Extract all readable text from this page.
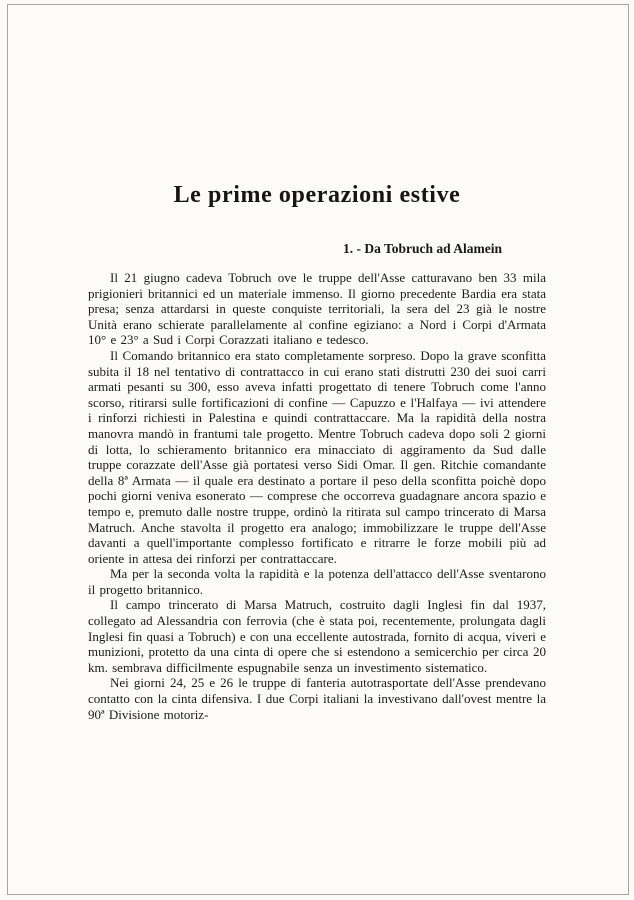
Le prime operazioni estive
1. - Da Tobruch ad Alamein

Il 21 giugno cadeva Tobruch ove le truppe dell'Asse catturavano ben 33 mila prigionieri britannici ed un materiale immenso. Il giorno precedente Bardia era stata presa; senza attardarsi in queste conquiste territoriali, la sera del 23 già le nostre Unità erano schierate parallelamente al confine egiziano: a Nord i Corpi d'Armata 10° e 23° a Sud i Corpi Corazzati italiano e tedesco.

Il Comando britannico era stato completamente sorpreso. Dopo la grave sconfitta subita il 18 nel tentativo di contrattacco in cui erano stati distrutti 230 dei suoi carri armati pesanti su 300, esso aveva infatti progettato di tenere Tobruch come l'anno scorso, ritirarsi sulle fortificazioni di confine — Capuzzo e l'Halfaya — ivi attendere i rinforzi richiesti in Palestina e quindi contrattaccare. Ma la rapidità della nostra manovra mandò in frantumi tale progetto. Mentre Tobruch cadeva dopo soli 2 giorni di lotta, lo schieramento britannico era minacciato di aggiramento da Sud dalle truppe corazzate dell'Asse già portatesi verso Sidi Omar. Il gen. Ritchie comandante della 8ª Armata — il quale era destinato a portare il peso della sconfitta poichè dopo pochi giorni veniva esonerato — comprese che occorreva guadagnare ancora spazio e tempo e, premuto dalle nostre truppe, ordinò la ritirata sul campo trincerato di Marsa Matruch. Anche stavolta il progetto era analogo; immobilizzare le truppe dell'Asse davanti a quell'importante complesso fortificato e ritrarre le forze mobili più ad oriente in attesa dei rinforzi per contrattaccare.

Ma per la seconda volta la rapidità e la potenza dell'attacco dell'Asse sventarono il progetto britannico.

Il campo trincerato di Marsa Matruch, costruito dagli Inglesi fin dal 1937, collegato ad Alessandria con ferrovia (che è stata poi, recentemente, prolungata dagli Inglesi fin quasi a Tobruch) e con una eccellente autostrada, fornito di acqua, viveri e munizioni, protetto da una cinta di opere che si estendono a semicerchio per circa 20 km. sembrava difficilmente espugnabile senza un investimento sistematico.

Nei giorni 24, 25 e 26 le truppe di fanteria autotrasportate dell'Asse prendevano contatto con la cinta difensiva. I due Corpi italiani la investivano dall'ovest mentre la 90ª Divisione motoriz-
